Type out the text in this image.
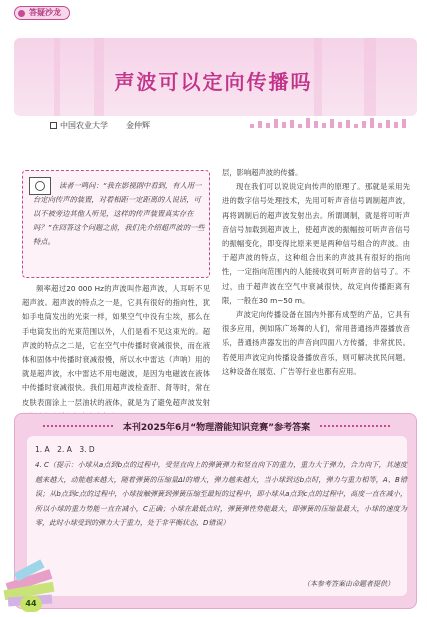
答疑沙龙
声波可以定向传播吗
中国农业大学 金仲辉

读者一鸣问：“我在影视剧中看到，有人用一台定向传声的装置，对着相距一定距离的人说话，可以不被旁边其他人听见，这样的传声装置真实存在吗？”在回答这个问题之前，我们先介绍超声波的一些特点。

频率超过20 000 Hz的声波叫作超声波，人耳听不见超声波。超声波的特点之一是，它具有很好的指向性，犹如手电筒发出的光束一样，如果空气中没有尘埃，那么在手电筒发出的光束范围以外，人们是看不见这束光的。超声波的特点之二是，它在空气中传播时衰减很快，而在液体和固体中传播时衰减很慢，所以水中雷达（声呐）用的就是超声波，水中雷达不用电磁波，是因为电磁波在液体中传播时衰减很快。我们用超声波检查肝、肾等时，常在皮肤表面涂上一层油状的液体，就是为了避免超声波发射

层，影响超声波的传播。

现在我们可以说说定向传声的原理了。那就是采用先进的数字信号处理技术，先用可听声音信号调制超声波，再将调制后的超声波发射出去。所谓调制，就是将可听声音信号加载到超声波上，使超声波的振幅按可听声音信号的振幅变化，即变得比原来更是两种信号组合的声波。由于超声波的特点，这种组合出来的声波具有很好的指向性，一定指向范围内的人能接收到可听声音的信号了。不过，由于超声波在空气中衰减很快，故定向传播距离有限，一般在30 m~50 m。

声波定向传播设备在国内外都有成型的产品，它具有很多应用，例如陈广场舞的人们，常用普通扬声器播放音乐，普通扬声器发出的声音向四面八方传播，非常扰民。若使用声波定向传播设备播放音乐，则可解决扰民问题。这种设备在展览、广告等行业也都有应用。

本刊2025年6月“物理潜能知识竞赛”参考答案
1. A　2. A　3. D
4. C（提示：小球从a点到b点的过程中，受竖直向上的弹簧弹力和竖直向下的重力，重力大于弹力，合力向下，其速度越来越大，动能越来越大，随着弹簧的压缩量Δl的增大，弹力越来越大，当小球到达b点时，弹力与重力相等，A、B错误；从b点到c点的过程中，小球接触弹簧到弹簧压缩至最短的过程中，即小球从a点到c点的过程中，高度一直在减小，所以小球的重力势能一直在减小，C正确；小球在最低点时，弹簧弹性势能最大，即弹簧的压缩量最大，小球的速度为零，此时小球受到的弹力大于重力，处于非平衡状态，D错误）
（本参考答案由命题者提供）
44
